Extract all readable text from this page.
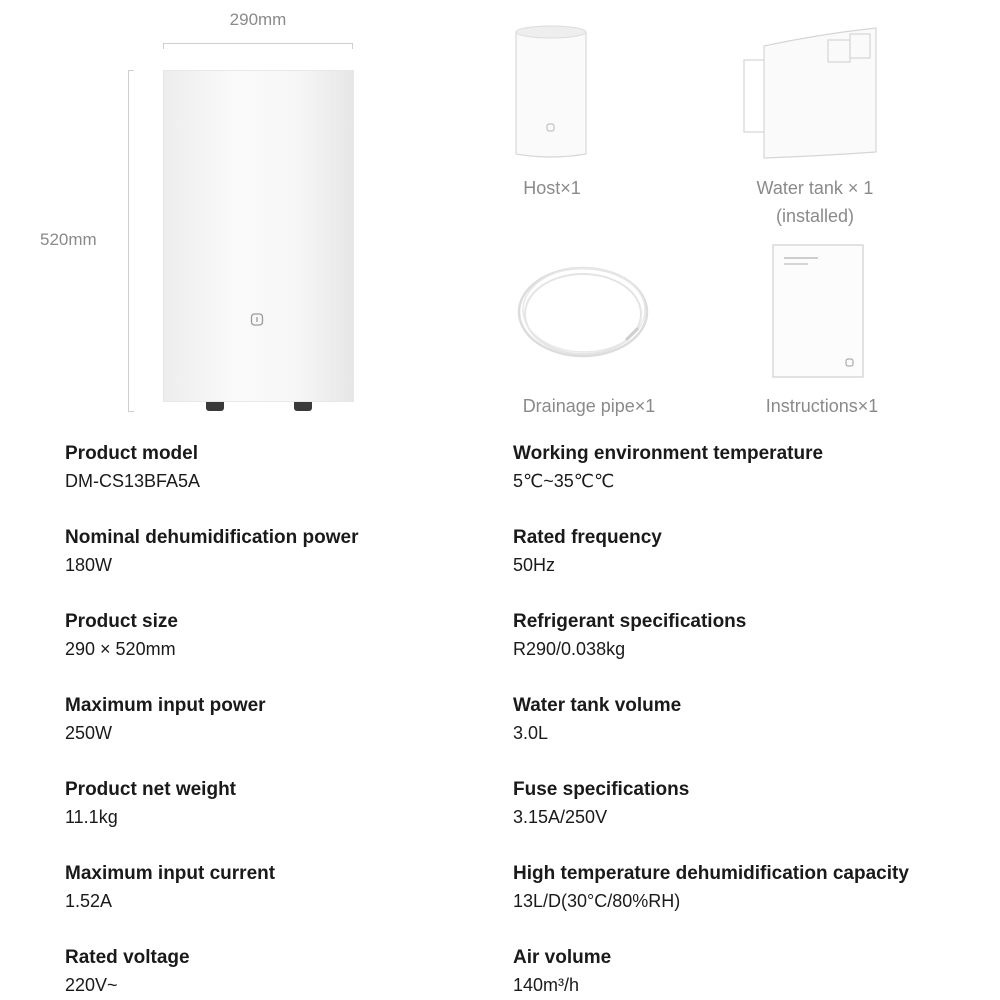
290mm
520mm
Host×1	Water tank × 1
(installed)
Drainage pipe×1	Instructions×1
Product model
DM-CS13BFA5A
Nominal dehumidification power
180W
Product size
290 × 520mm
Maximum input power
250W
Product net weight
11.1kg
Maximum input current
1.52A
Rated voltage
220V~
Working environment temperature
5℃~35℃℃
Rated frequency
50Hz
Refrigerant specifications
R290/0.038kg
Water tank volume
3.0L
Fuse specifications
3.15A/250V
High temperature dehumidification capacity
13L/D(30°C/80%RH)
Air volume
140m³/h
